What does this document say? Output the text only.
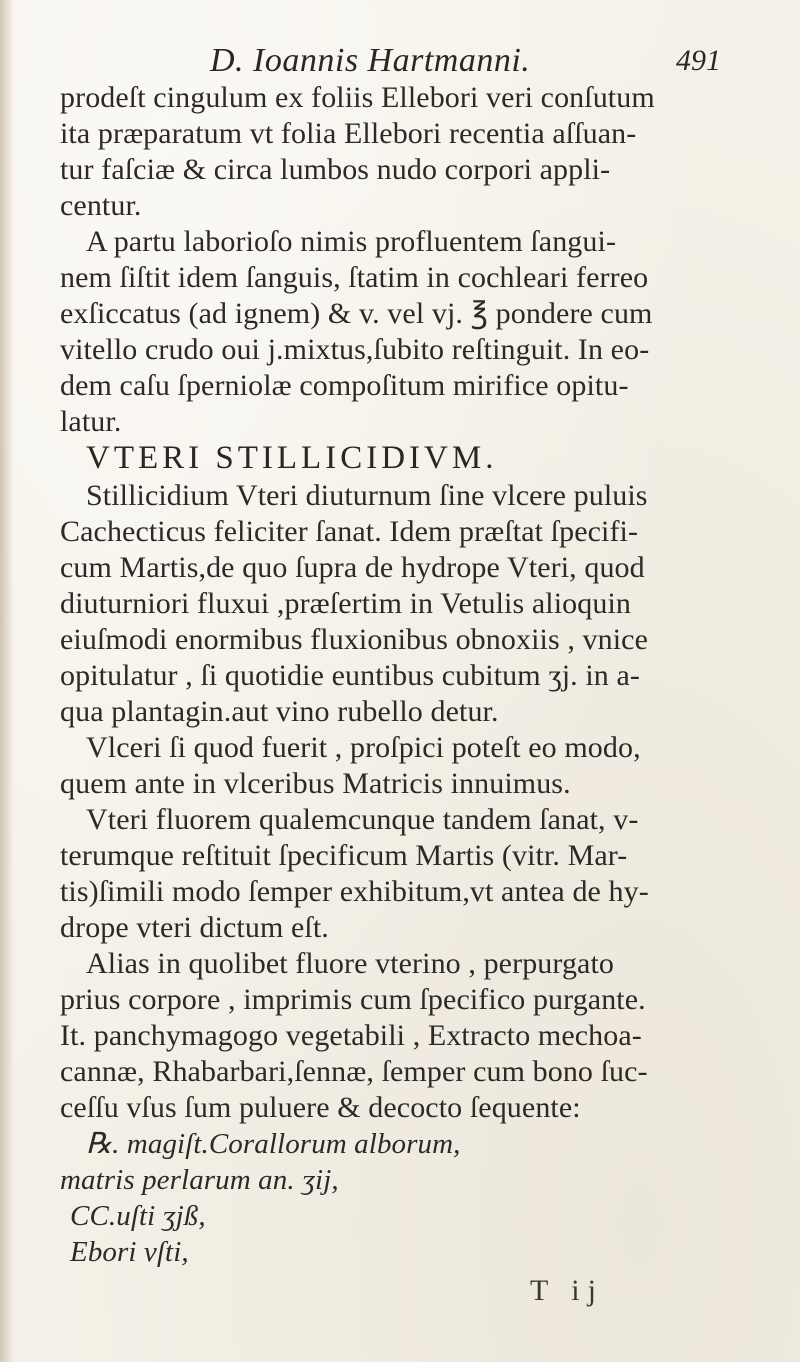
D. Ioannis Hartmanni.	491
prodeſt cingulum ex foliis Ellebori veri conſutum
ita præparatum vt folia Ellebori recentia aſſuan-
tur faſciæ & circa lumbos nudo corpori appli-
centur.
A partu laborioſo nimis profluentem ſangui-
nem ſiſtit idem ſanguis, ſtatim in cochleari ferreo
exſiccatus (ad ignem) & v. vel vj. ℥ pondere cum
vitello crudo oui j.mixtus,ſubito reſtinguit. In eo-
dem caſu ſperniolæ compoſitum mirifice opitu-
latur.
VTERI STILLICIDIVM.
Stillicidium Vteri diuturnum ſine vlcere puluis
Cachecticus feliciter ſanat. Idem præſtat ſpecifi-
cum Martis,de quo ſupra de hydrope Vteri, quod
diuturniori fluxui ,præſertim in Vetulis alioquin
eiuſmodi enormibus fluxionibus obnoxiis , vnice
opitulatur , ſi quotidie euntibus cubitum ʒj. in a-
qua plantagin.aut vino rubello detur.
Vlceri ſi quod fuerit , proſpici poteſt eo modo,
quem ante in vlceribus Matricis innuimus.
Vteri fluorem qualemcunque tandem ſanat, v-
terumque reſtituit ſpecificum Martis (vitr. Mar-
tis)ſimili modo ſemper exhibitum,vt antea de hy-
drope vteri dictum eſt.
Alias in quolibet fluore vterino , perpurgato
prius corpore , imprimis cum ſpecifico purgante.
It. panchymagogo vegetabili , Extracto mechoa-
cannæ, Rhabarbari,ſennæ, ſemper cum bono ſuc-
ceſſu vſus ſum puluere & decocto ſequente:
℞. magiſt.Corallorum alborum,
matris perlarum an. ʒij,
CC.uſti ʒjß,
Ebori vſti,
T ij
